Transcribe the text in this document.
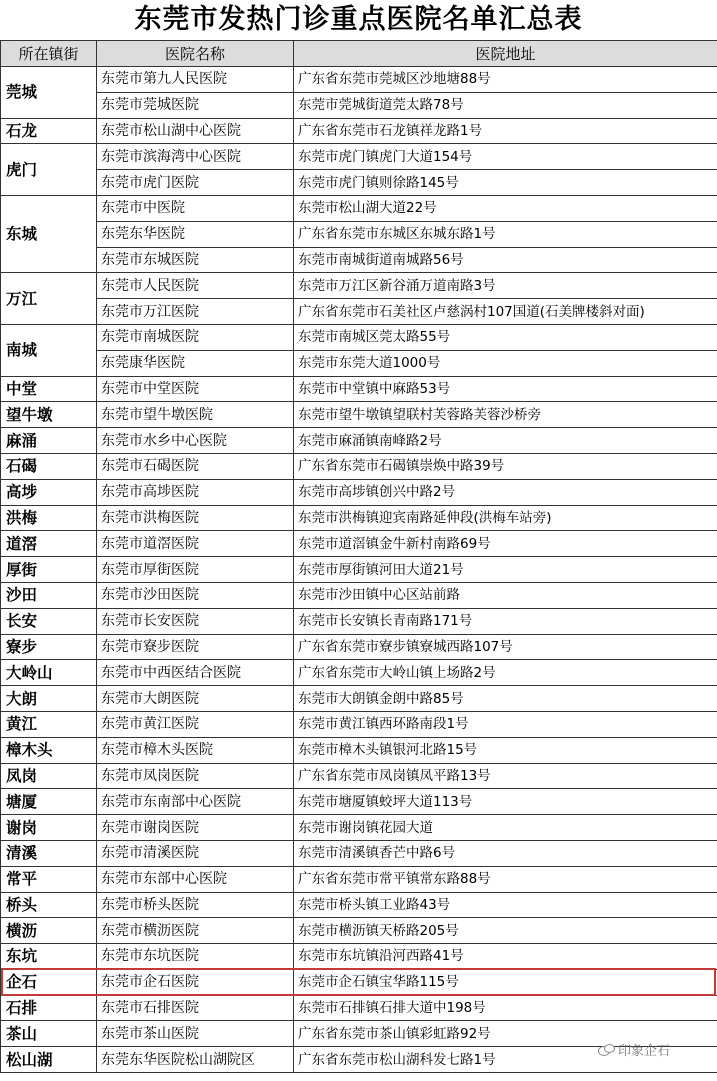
东莞市发热门诊重点医院名单汇总表
所在镇街	医院名称	医院地址
莞城	东莞市第九人民医院	广东省东莞市莞城区沙地塘88号
	东莞市莞城医院	东莞市莞城街道莞太路78号
石龙	东莞市松山湖中心医院	广东省东莞市石龙镇祥龙路1号
虎门	东莞市滨海湾中心医院	东莞市虎门镇虎门大道154号
	东莞市虎门医院	东莞市虎门镇则徐路145号
东城	东莞市中医院	东莞市松山湖大道22号
	东莞东华医院	广东省东莞市东城区东城东路1号
	东莞市东城医院	东莞市南城街道南城路56号
万江	东莞市人民医院	东莞市万江区新谷涌万道南路3号
	东莞市万江医院	广东省东莞市石美社区卢慈涡村107国道(石美牌楼斜对面)
南城	东莞市南城医院	东莞市南城区莞太路55号
	东莞康华医院	东莞市东莞大道1000号
中堂	东莞市中堂医院	东莞市中堂镇中麻路53号
望牛墩	东莞市望牛墩医院	东莞市望牛墩镇望联村芙蓉路芙蓉沙桥旁
麻涌	东莞市水乡中心医院	东莞市麻涌镇南峰路2号
石碣	东莞市石碣医院	广东省东莞市石碣镇崇焕中路39号
高埗	东莞市高埗医院	东莞市高埗镇创兴中路2号
洪梅	东莞市洪梅医院	东莞市洪梅镇迎宾南路延伸段(洪梅车站旁)
道滘	东莞市道滘医院	东莞市道滘镇金牛新村南路69号
厚街	东莞市厚街医院	东莞市厚街镇河田大道21号
沙田	东莞市沙田医院	东莞市沙田镇中心区站前路
长安	东莞市长安医院	东莞市长安镇长青南路171号
寮步	东莞市寮步医院	广东省东莞市寮步镇寮城西路107号
大岭山	东莞市中西医结合医院	广东省东莞市大岭山镇上场路2号
大朗	东莞市大朗医院	东莞市大朗镇金朗中路85号
黄江	东莞市黄江医院	东莞市黄江镇西环路南段1号
樟木头	东莞市樟木头医院	东莞市樟木头镇银河北路15号
凤岗	东莞市凤岗医院	广东省东莞市凤岗镇凤平路13号
塘厦	东莞市东南部中心医院	东莞市塘厦镇蛟坪大道113号
谢岗	东莞市谢岗医院	东莞市谢岗镇花园大道
清溪	东莞市清溪医院	东莞市清溪镇香芒中路6号
常平	东莞市东部中心医院	广东省东莞市常平镇常东路88号
桥头	东莞市桥头医院	东莞市桥头镇工业路43号
横沥	东莞市横沥医院	东莞市横沥镇天桥路205号
东坑	东莞市东坑医院	东莞市东坑镇沿河西路41号
企石	东莞市企石医院	东莞市企石镇宝华路115号
石排	东莞市石排医院	东莞市石排镇石排大道中198号
茶山	东莞市茶山医院	广东省东莞市茶山镇彩虹路92号
松山湖	东莞东华医院松山湖院区	广东省东莞市松山湖科发七路1号
印象企石
